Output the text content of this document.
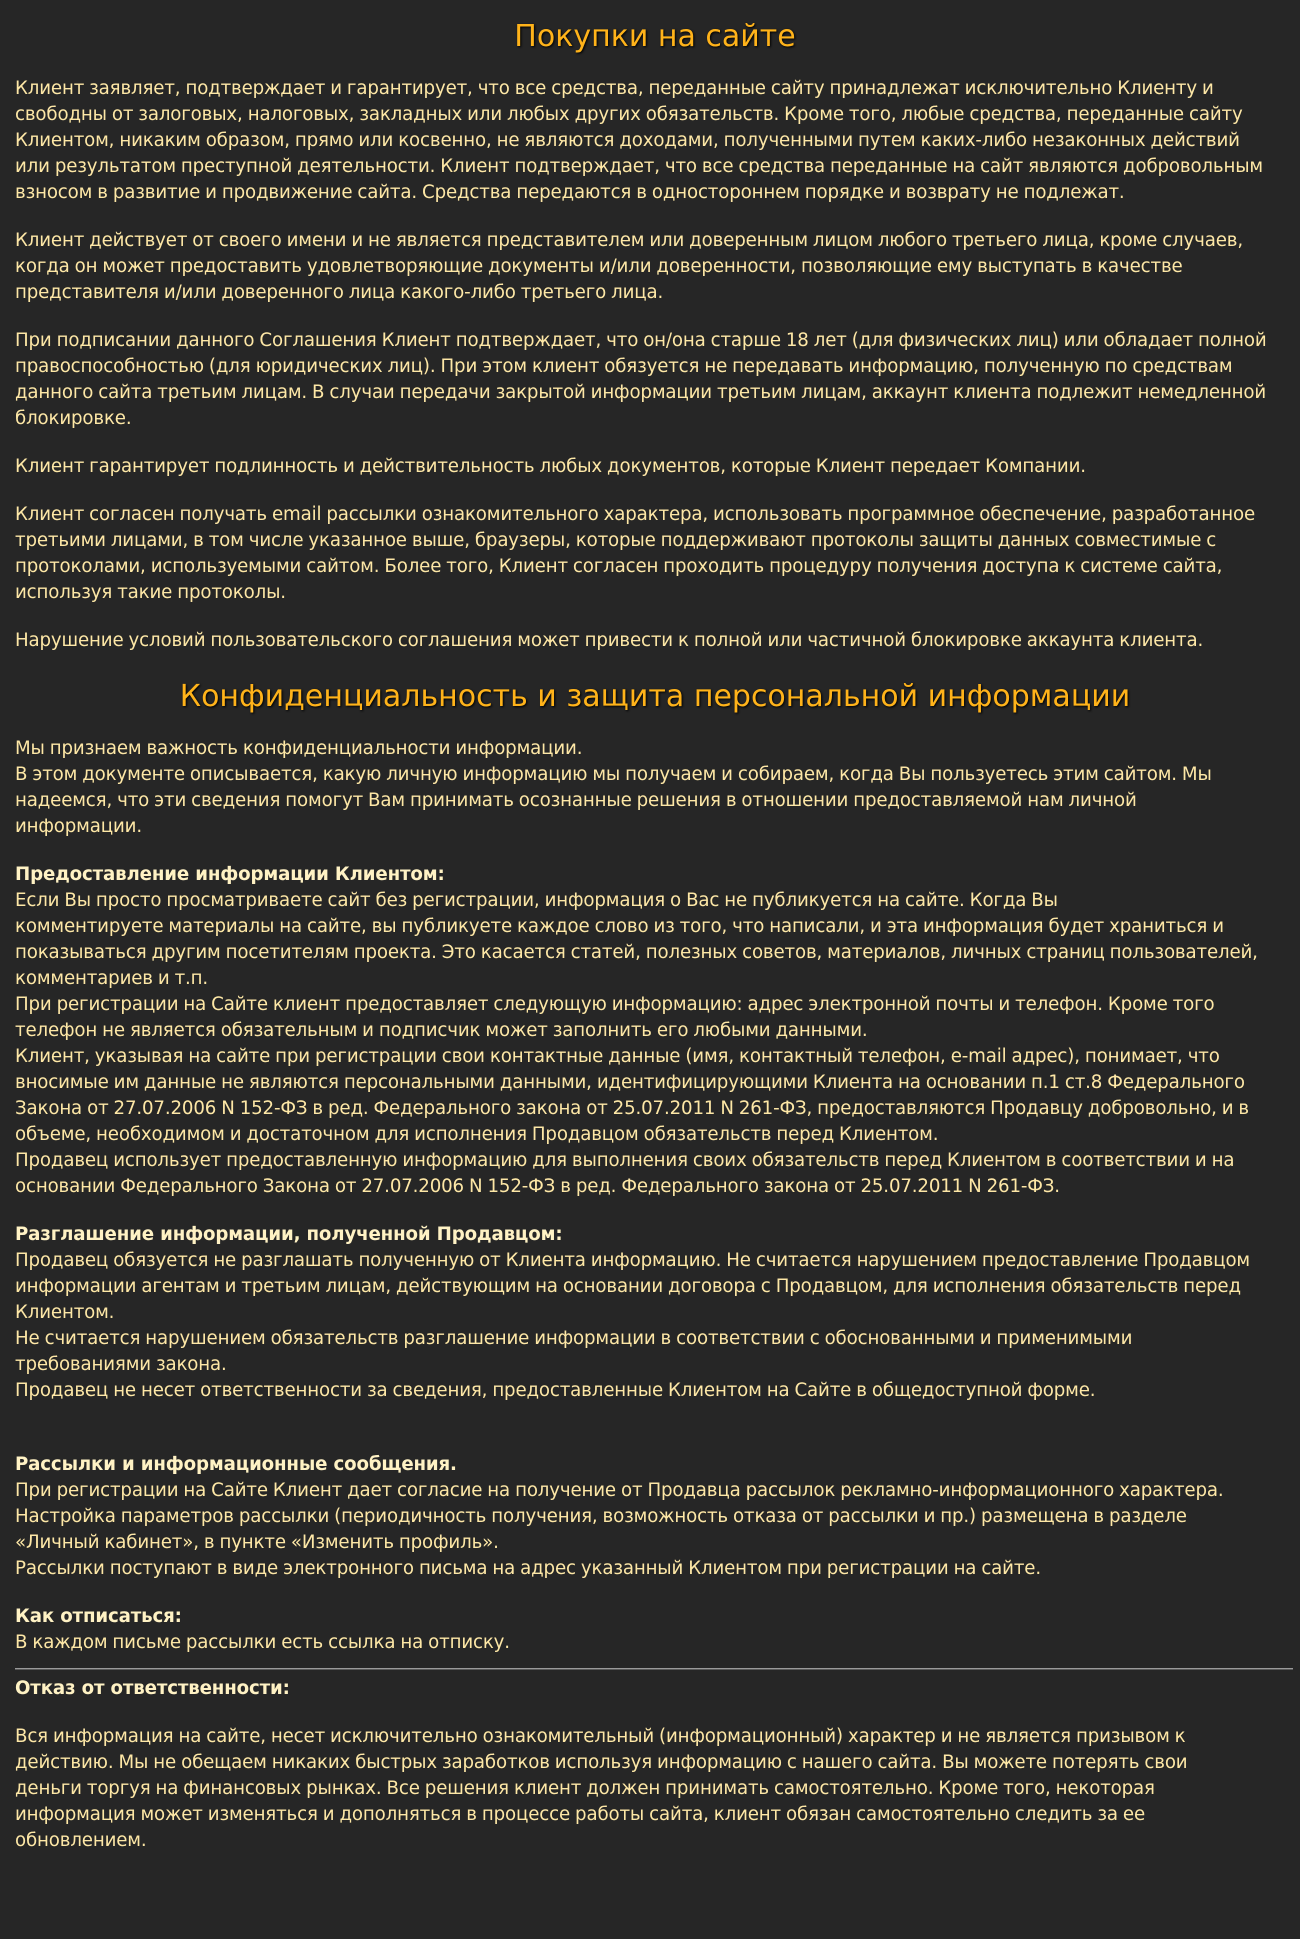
Покупки на сайте
Клиент заявляет, подтверждает и гарантирует, что все средства, переданные сайту принадлежат исключительно Клиенту и
свободны от залоговых, налоговых, закладных или любых других обязательств. Кроме того, любые средства, переданные сайту
Клиентом, никаким образом, прямо или косвенно, не являются доходами, полученными путем каких-либо незаконных действий
или результатом преступной деятельности. Клиент подтверждает, что все средства переданные на сайт являются добровольным
взносом в развитие и продвижение сайта. Средства передаются в одностороннем порядке и возврату не подлежат.
Клиент действует от своего имени и не является представителем или доверенным лицом любого третьего лица, кроме случаев,
когда он может предоставить удовлетворяющие документы и/или доверенности, позволяющие ему выступать в качестве
представителя и/или доверенного лица какого-либо третьего лица.
При подписании данного Соглашения Клиент подтверждает, что он/она старше 18 лет (для физических лиц) или обладает полной
правоспособностью (для юридических лиц). При этом клиент обязуется не передавать информацию, полученную по средствам
данного сайта третьим лицам. В случаи передачи закрытой информации третьим лицам, аккаунт клиента подлежит немедленной
блокировке.
Клиент гарантирует подлинность и действительность любых документов, которые Клиент передает Компании.
Клиент согласен получать email рассылки ознакомительного характера, использовать программное обеспечение, разработанное
третьими лицами, в том числе указанное выше, браузеры, которые поддерживают протоколы защиты данных совместимые с
протоколами, используемыми сайтом. Более того, Клиент согласен проходить процедуру получения доступа к системе сайта,
используя такие протоколы.
Нарушение условий пользовательского соглашения может привести к полной или частичной блокировке аккаунта клиента.
Конфиденциальность и защита персональной информации
Мы признаем важность конфиденциальности информации.
В этом документе описывается, какую личную информацию мы получаем и собираем, когда Вы пользуетесь этим сайтом. Мы
надеемся, что эти сведения помогут Вам принимать осознанные решения в отношении предоставляемой нам личной
информации.
Предоставление информации Клиентом:
Если Вы просто просматриваете сайт без регистрации, информация о Вас не публикуется на сайте. Когда Вы
комментируете материалы на сайте, вы публикуете каждое слово из того, что написали, и эта информация будет храниться и
показываться другим посетителям проекта. Это касается статей, полезных советов, материалов, личных страниц пользователей,
комментариев и т.п.
При регистрации на Сайте клиент предоставляет следующую информацию: адрес электронной почты и телефон. Кроме того
телефон не является обязательным и подписчик может заполнить его любыми данными.
Клиент, указывая на сайте при регистрации свои контактные данные (имя, контактный телефон, e-mail адрес), понимает, что
вносимые им данные не являются персональными данными, идентифицирующими Клиента на основании п.1 ст.8 Федерального
Закона от 27.07.2006 N 152-ФЗ в ред. Федерального закона от 25.07.2011 N 261-ФЗ, предоставляются Продавцу добровольно, и в
объеме, необходимом и достаточном для исполнения Продавцом обязательств перед Клиентом.
Продавец использует предоставленную информацию для выполнения своих обязательств перед Клиентом в соответствии и на
основании Федерального Закона от 27.07.2006 N 152-ФЗ в ред. Федерального закона от 25.07.2011 N 261-ФЗ.
Разглашение информации, полученной Продавцом:
Продавец обязуется не разглашать полученную от Клиента информацию. Не считается нарушением предоставление Продавцом
информации агентам и третьим лицам, действующим на основании договора с Продавцом, для исполнения обязательств перед
Клиентом.
Не считается нарушением обязательств разглашение информации в соответствии с обоснованными и применимыми
требованиями закона.
Продавец не несет ответственности за сведения, предоставленные Клиентом на Сайте в общедоступной форме.
Рассылки и информационные сообщения.
При регистрации на Сайте Клиент дает согласие на получение от Продавца рассылок рекламно-информационного характера.
Настройка параметров рассылки (периодичность получения, возможность отказа от рассылки и пр.) размещена в разделе
«Личный кабинет», в пункте «Изменить профиль».
Рассылки поступают в виде электронного письма на адрес указанный Клиентом при регистрации на сайте.
Как отписаться:
В каждом письме рассылки есть ссылка на отписку.
Отказ от ответственности:
Вся информация на сайте, несет исключительно ознакомительный (информационный) характер и не является призывом к
действию. Мы не обещаем никаких быстрых заработков используя информацию с нашего сайта. Вы можете потерять свои
деньги торгуя на финансовых рынках. Все решения клиент должен принимать самостоятельно. Кроме того, некоторая
информация может изменяться и дополняться в процессе работы сайта, клиент обязан самостоятельно следить за ее
обновлением.
